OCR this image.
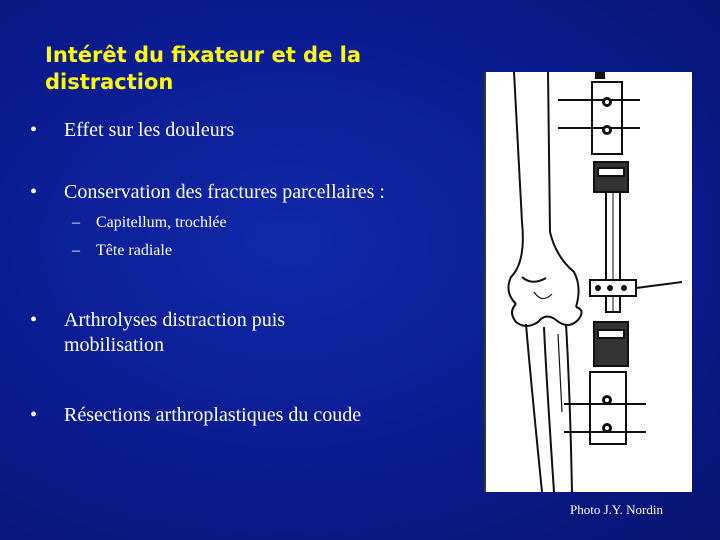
Intérêt du fixateur et de la distraction
• Effet sur les douleurs
• Conservation des fractures parcellaires :
– Capitellum, trochlée
– Tête radiale
• Arthrolyses distraction puis mobilisation
• Résections arthroplastiques du coude
Photo J.Y. Nordin
